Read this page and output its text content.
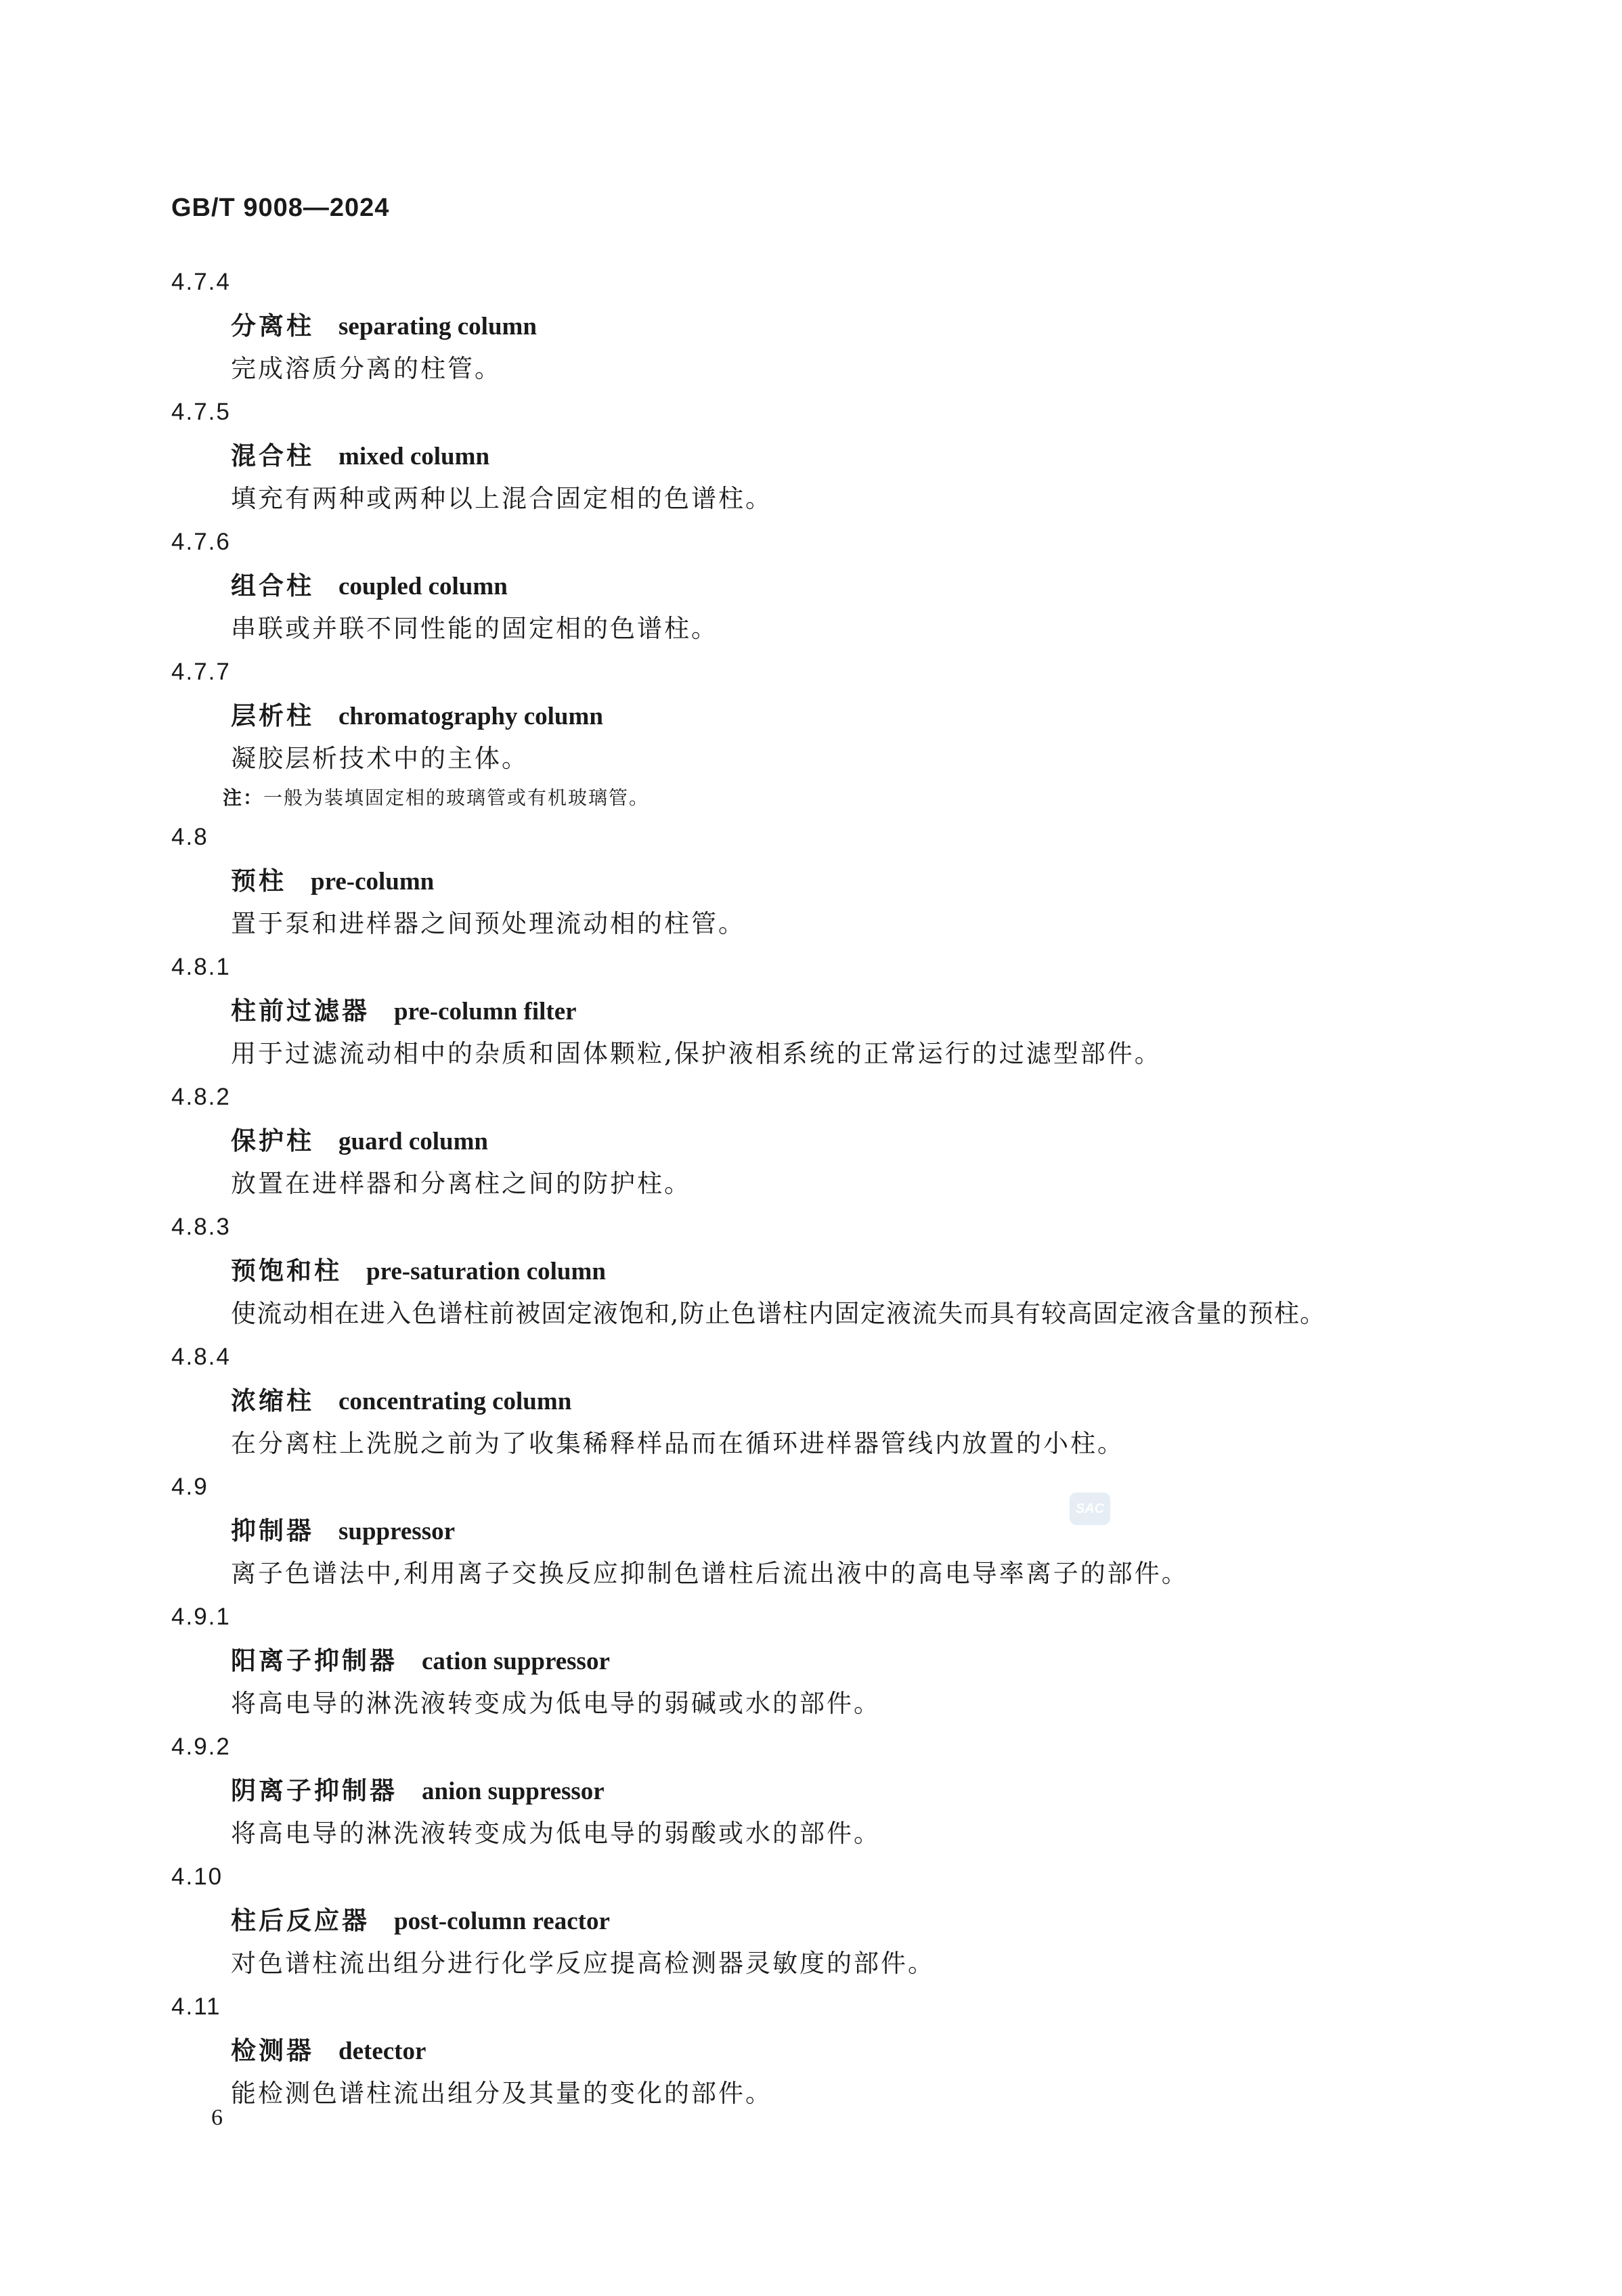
GB/T 9008—2024
4.7.4
分离柱 separating column
完成溶质分离的柱管。
4.7.5
混合柱 mixed column
填充有两种或两种以上混合固定相的色谱柱。
4.7.6
组合柱 coupled column
串联或并联不同性能的固定相的色谱柱。
4.7.7
层析柱 chromatography column
凝胶层析技术中的主体。
注：一般为装填固定相的玻璃管或有机玻璃管。
4.8
预柱 pre-column
置于泵和进样器之间预处理流动相的柱管。
4.8.1
柱前过滤器 pre-column filter
用于过滤流动相中的杂质和固体颗粒,保护液相系统的正常运行的过滤型部件。
4.8.2
保护柱 guard column
放置在进样器和分离柱之间的防护柱。
4.8.3
预饱和柱 pre-saturation column
使流动相在进入色谱柱前被固定液饱和,防止色谱柱内固定液流失而具有较高固定液含量的预柱。
4.8.4
浓缩柱 concentrating column
在分离柱上洗脱之前为了收集稀释样品而在循环进样器管线内放置的小柱。
4.9
抑制器 suppressor
离子色谱法中,利用离子交换反应抑制色谱柱后流出液中的高电导率离子的部件。
4.9.1
阳离子抑制器 cation suppressor
将高电导的淋洗液转变成为低电导的弱碱或水的部件。
4.9.2
阴离子抑制器 anion suppressor
将高电导的淋洗液转变成为低电导的弱酸或水的部件。
4.10
柱后反应器 post-column reactor
对色谱柱流出组分进行化学反应提高检测器灵敏度的部件。
4.11
检测器 detector
能检测色谱柱流出组分及其量的变化的部件。
SAC
6
